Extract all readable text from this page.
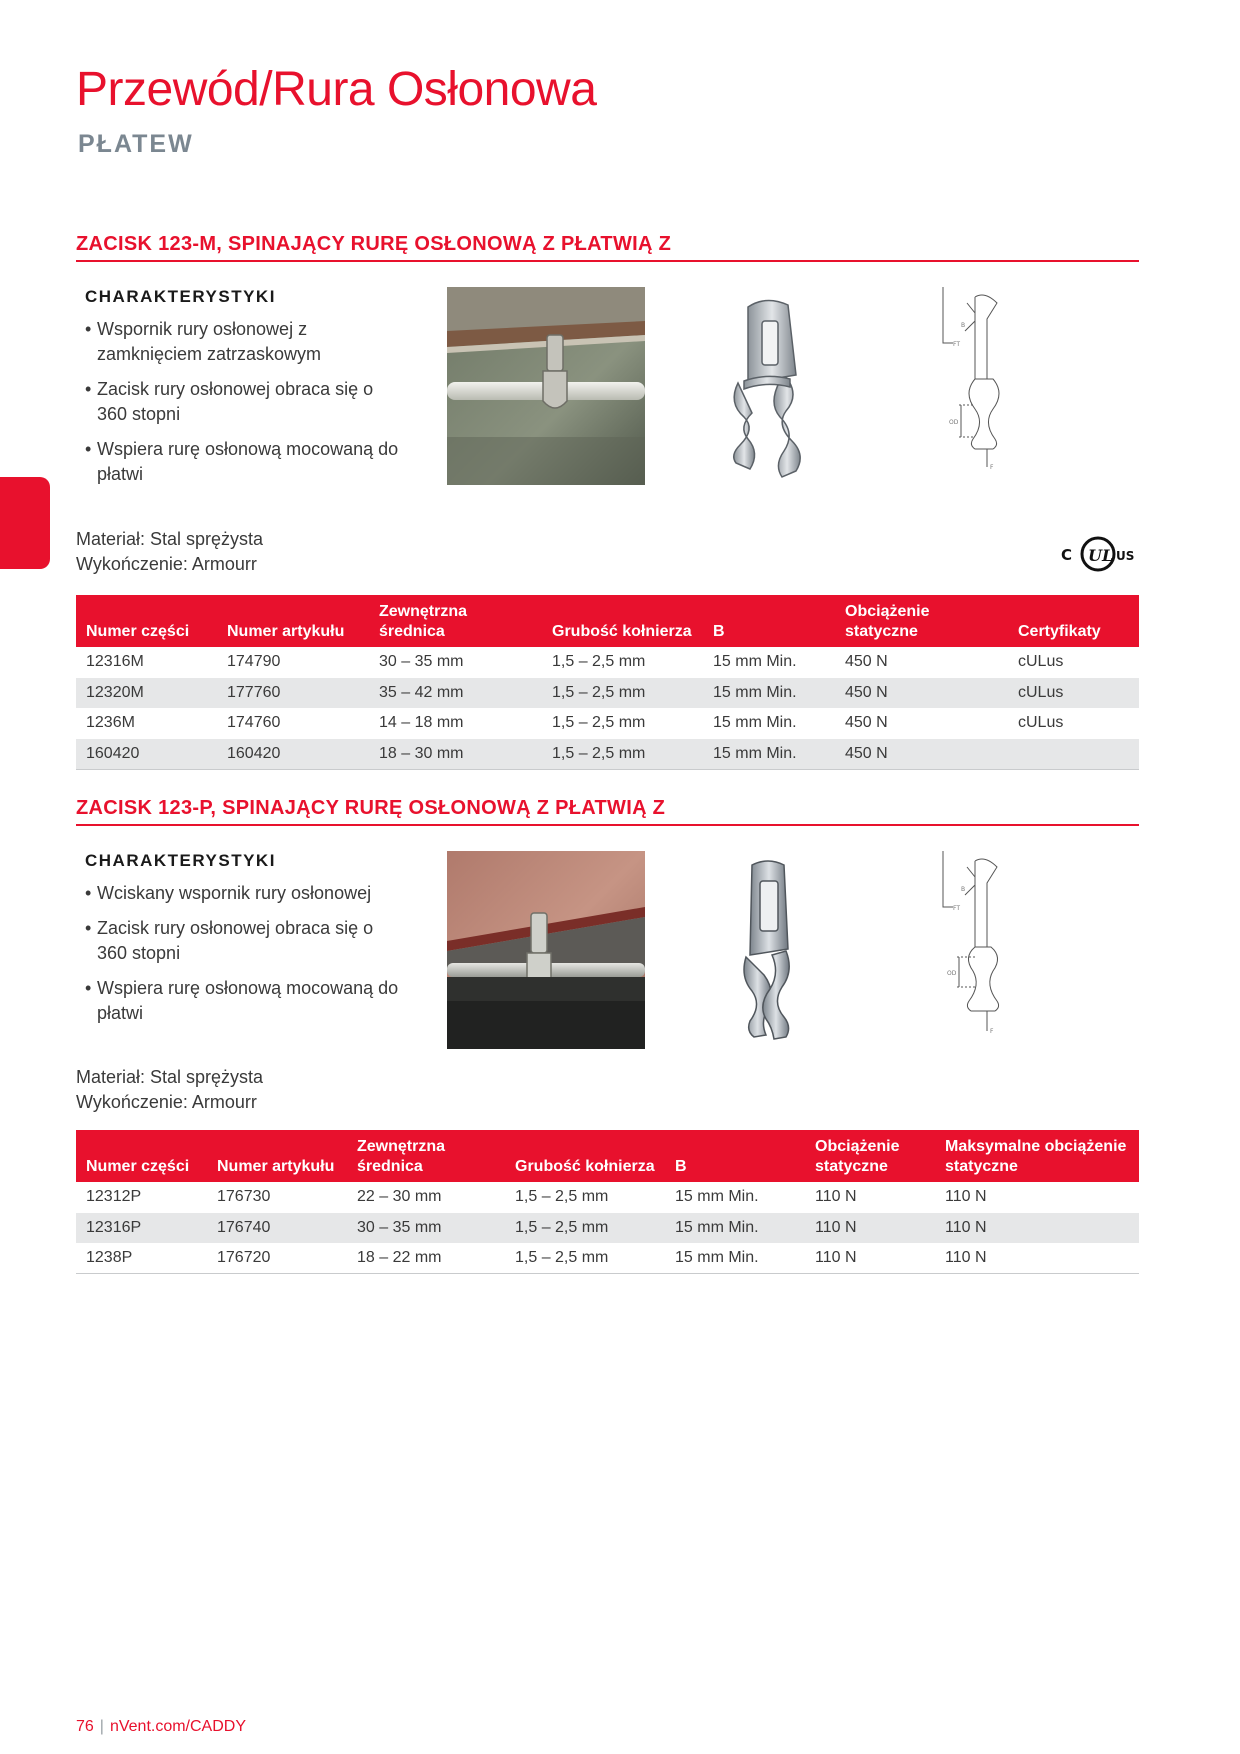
Przewód/Rura Osłonowa
PŁATEW
ZACISK 123-M, SPINAJĄCY RURĘ OSŁONOWĄ Z PŁATWIĄ Z
CHARAKTERYSTYKI
• Wspornik rury osłonowej z zamknięciem zatrzaskowym
• Zacisk rury osłonowej obraca się o 360 stopni
• Wspiera rurę osłonową mocowaną do płatwi
B
FT
OD
F
Materiał: Stal sprężysta
Wykończenie: Armourr	C UL US
Numer części	Numer artykułu	Zewnętrzna średnica	Grubość kołnierza	B	Obciążenie statyczne	Certyfikaty
12316M	174790	30 – 35 mm	1,5 – 2,5 mm	15 mm Min.	450 N	cULus
12320M	177760	35 – 42 mm	1,5 – 2,5 mm	15 mm Min.	450 N	cULus
1236M	174760	14 – 18 mm	1,5 – 2,5 mm	15 mm Min.	450 N	cULus
160420	160420	18 – 30 mm	1,5 – 2,5 mm	15 mm Min.	450 N	
ZACISK 123-P, SPINAJĄCY RURĘ OSŁONOWĄ Z PŁATWIĄ Z
CHARAKTERYSTYKI
• Wciskany wspornik rury osłonowej
• Zacisk rury osłonowej obraca się o 360 stopni
• Wspiera rurę osłonową mocowaną do płatwi
B
FT
OD
F
Materiał: Stal sprężysta
Wykończenie: Armourr
Numer części	Numer artykułu	Zewnętrzna średnica	Grubość kołnierza	B	Obciążenie statyczne	Maksymalne obciążenie statyczne
12312P	176730	22 – 30 mm	1,5 – 2,5 mm	15 mm Min.	110 N	110 N
12316P	176740	30 – 35 mm	1,5 – 2,5 mm	15 mm Min.	110 N	110 N
1238P	176720	18 – 22 mm	1,5 – 2,5 mm	15 mm Min.	110 N	110 N
76 | nVent.com/CADDY
